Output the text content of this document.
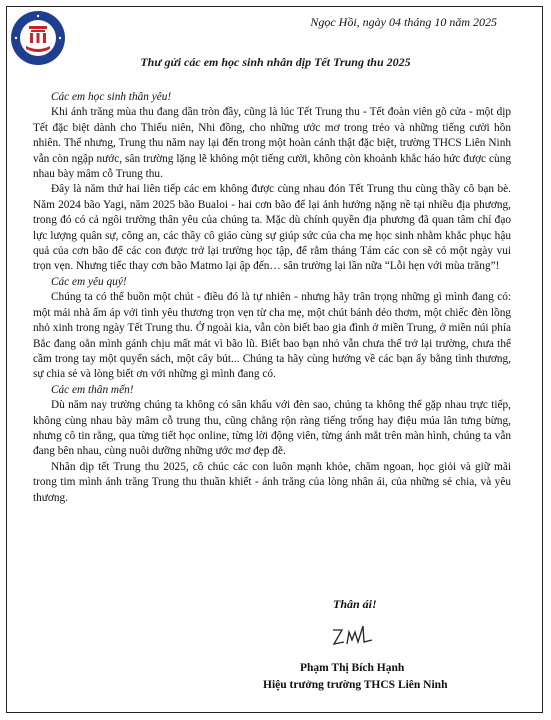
Ngọc Hồi, ngày 04 tháng 10 năm 2025
Thư gửi các em học sinh nhân dịp Tết Trung thu 2025

Các em học sinh thân yêu!

Khi ánh trăng mùa thu đang dần tròn đầy, cũng là lúc Tết Trung thu - Tết đoàn viên gõ cửa - một dịp Tết đặc biệt dành cho Thiếu niên, Nhi đồng, cho những ước mơ trong trẻo và những tiếng cười hồn nhiên. Thế nhưng, Trung thu năm nay lại đến trong một hoàn cảnh thật đặc biệt, trường THCS Liên Ninh vẫn còn ngập nước, sân trường lặng lẽ không một tiếng cười, không còn khoảnh khắc háo hức được cùng nhau bày mâm cỗ Trung thu.

Đây là năm thứ hai liên tiếp các em không được cùng nhau đón Tết Trung thu cùng thầy cô bạn bè. Năm 2024 bão Yagi, năm 2025 bão Bualoi - hai cơn bão để lại ảnh hưởng nặng nề tại nhiều địa phương, trong đó có cả ngôi trường thân yêu của chúng ta. Mặc dù chính quyền địa phương đã quan tâm chỉ đạo lực lượng quân sự, công an, các thầy cô giáo cùng sự giúp sức của cha mẹ học sinh nhằm khắc phục hậu quả của cơn bão để các con được trở lại trường học tập, để rằm tháng Tám các con sẽ có một ngày vui trọn vẹn. Nhưng tiếc thay cơn bão Matmo lại ập đến… sân trường lại lần nữa “Lỗi hẹn với mùa trăng”!

Các em yêu quý!

Chúng ta có thể buồn một chút - điều đó là tự nhiên - nhưng hãy trân trọng những gì mình đang có: một mái nhà ấm áp với tình yêu thương trọn vẹn từ cha mẹ, một chút bánh dẻo thơm, một chiếc đèn lồng nhỏ xinh trong ngày Tết Trung thu. Ở ngoài kia, vẫn còn biết bao gia đình ở miền Trung, ở miền núi phía Bắc đang oằn mình gánh chịu mất mát vì bão lũ. Biết bao bạn nhỏ vẫn chưa thể trở lại trường, chưa thể cầm trong tay một quyển sách, một cây bút... Chúng ta hãy cùng hướng về các bạn ấy bằng tình thương, sự chia sẻ và lòng biết ơn với những gì mình đang có.

Các em thân mến!

Dù năm nay trường chúng ta không có sân khấu với đèn sao, chúng ta không thể gặp nhau trực tiếp, không cùng nhau bày mâm cỗ trung thu, cũng chẳng rộn ràng tiếng trống hay điệu múa lân tưng bừng, nhưng cô tin rằng, qua từng tiết học online, từng lời động viên, từng ánh mắt trên màn hình, chúng ta vẫn đang bên nhau, cùng nuôi dưỡng những ước mơ đẹp đẽ.

Nhân dịp tết Trung thu 2025, cô chúc các con luôn mạnh khỏe, chăm ngoan, học giỏi và giữ mãi trong tim mình ánh trăng Trung thu thuần khiết - ánh trăng của lòng nhân ái, của những sẻ chia, và yêu thương.

Thân ái!
Phạm Thị Bích Hạnh
Hiệu trưởng trường THCS Liên Ninh
